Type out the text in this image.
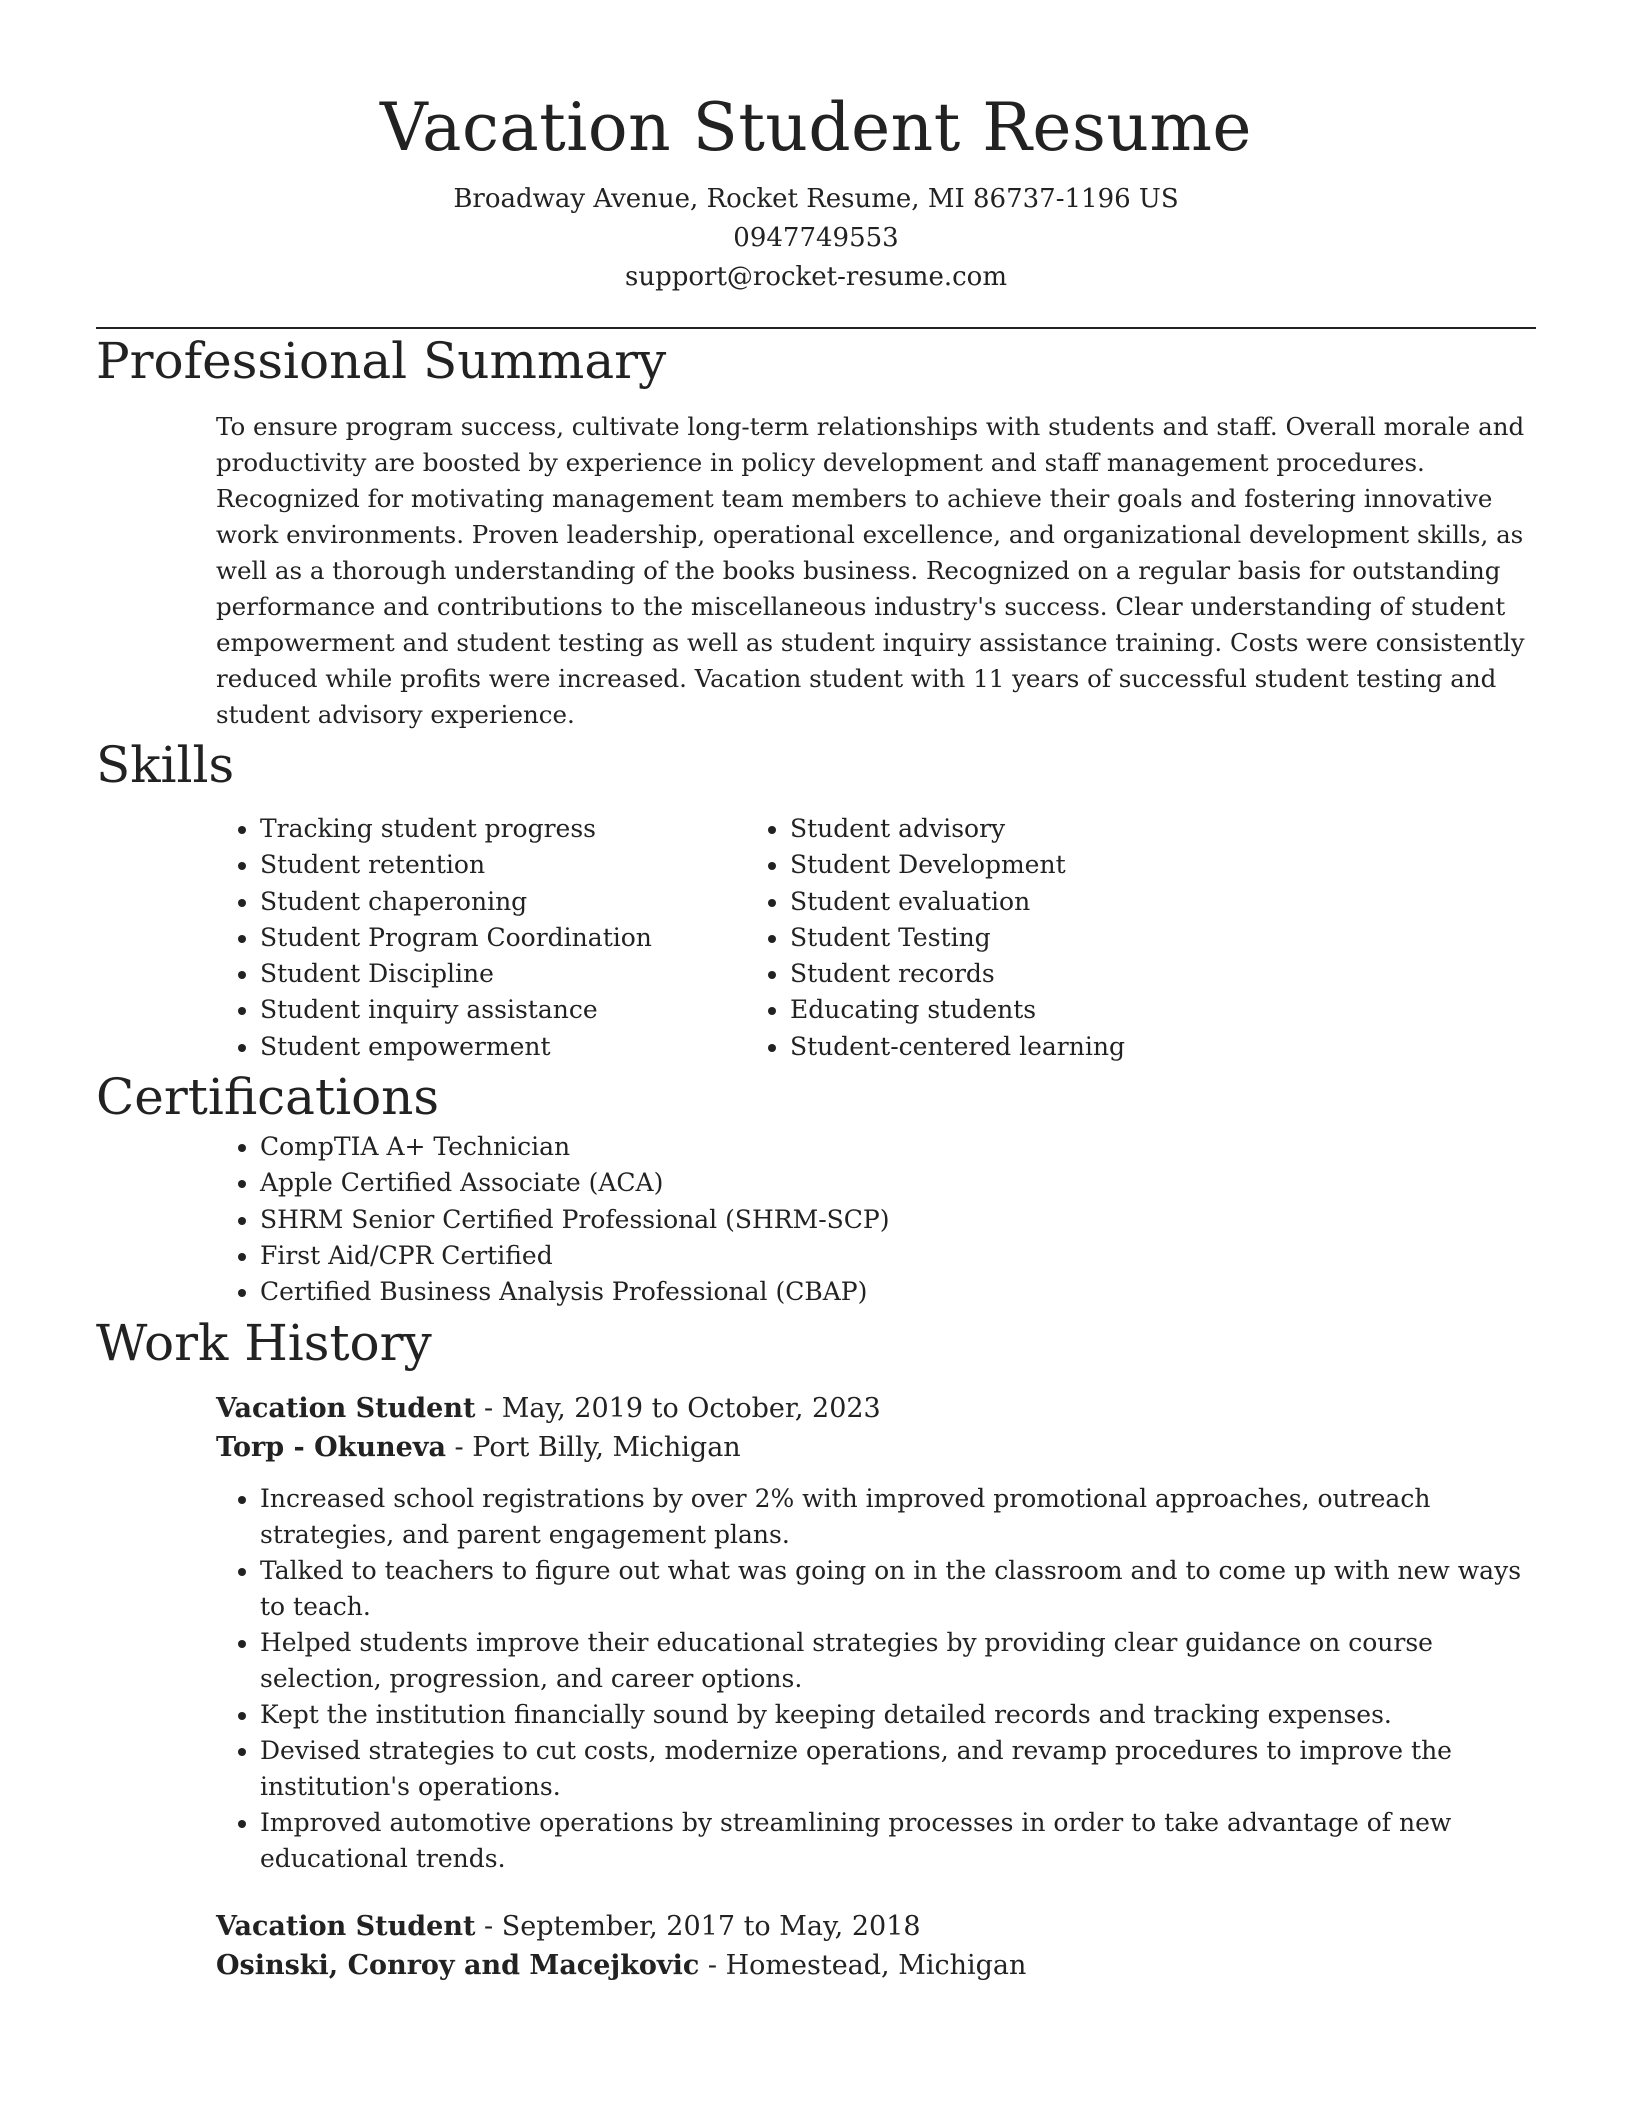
Vacation Student Resume
Broadway Avenue, Rocket Resume, MI 86737-1196 US
0947749553
support@rocket-resume.com
Professional Summary

To ensure program success, cultivate long-term relationships with students and staff. Overall morale and productivity are boosted by experience in policy development and staff management procedures. Recognized for motivating management team members to achieve their goals and fostering innovative work environments. Proven leadership, operational excellence, and organizational development skills, as well as a thorough understanding of the books business. Recognized on a regular basis for outstanding performance and contributions to the miscellaneous industry's success. Clear understanding of student empowerment and student testing as well as student inquiry assistance training. Costs were consistently reduced while profits were increased. Vacation student with 11 years of successful student testing and student advisory experience.

Skills
• Tracking student progress
• Student retention
• Student chaperoning
• Student Program Coordination
• Student Discipline
• Student inquiry assistance
• Student empowerment
• Student advisory
• Student Development
• Student evaluation
• Student Testing
• Student records
• Educating students
• Student-centered learning
Certifications
• CompTIA A+ Technician
• Apple Certified Associate (ACA)
• SHRM Senior Certified Professional (SHRM-SCP)
• First Aid/CPR Certified
• Certified Business Analysis Professional (CBAP)
Work History
Vacation Student - May, 2019 to October, 2023
Torp - Okuneva - Port Billy, Michigan
• Increased school registrations by over 2% with improved promotional approaches, outreach strategies, and parent engagement plans.
• Talked to teachers to figure out what was going on in the classroom and to come up with new ways to teach.
• Helped students improve their educational strategies by providing clear guidance on course selection, progression, and career options.
• Kept the institution financially sound by keeping detailed records and tracking expenses.
• Devised strategies to cut costs, modernize operations, and revamp procedures to improve the institution's operations.
• Improved automotive operations by streamlining processes in order to take advantage of new educational trends.
Vacation Student - September, 2017 to May, 2018
Osinski, Conroy and Macejkovic - Homestead, Michigan
